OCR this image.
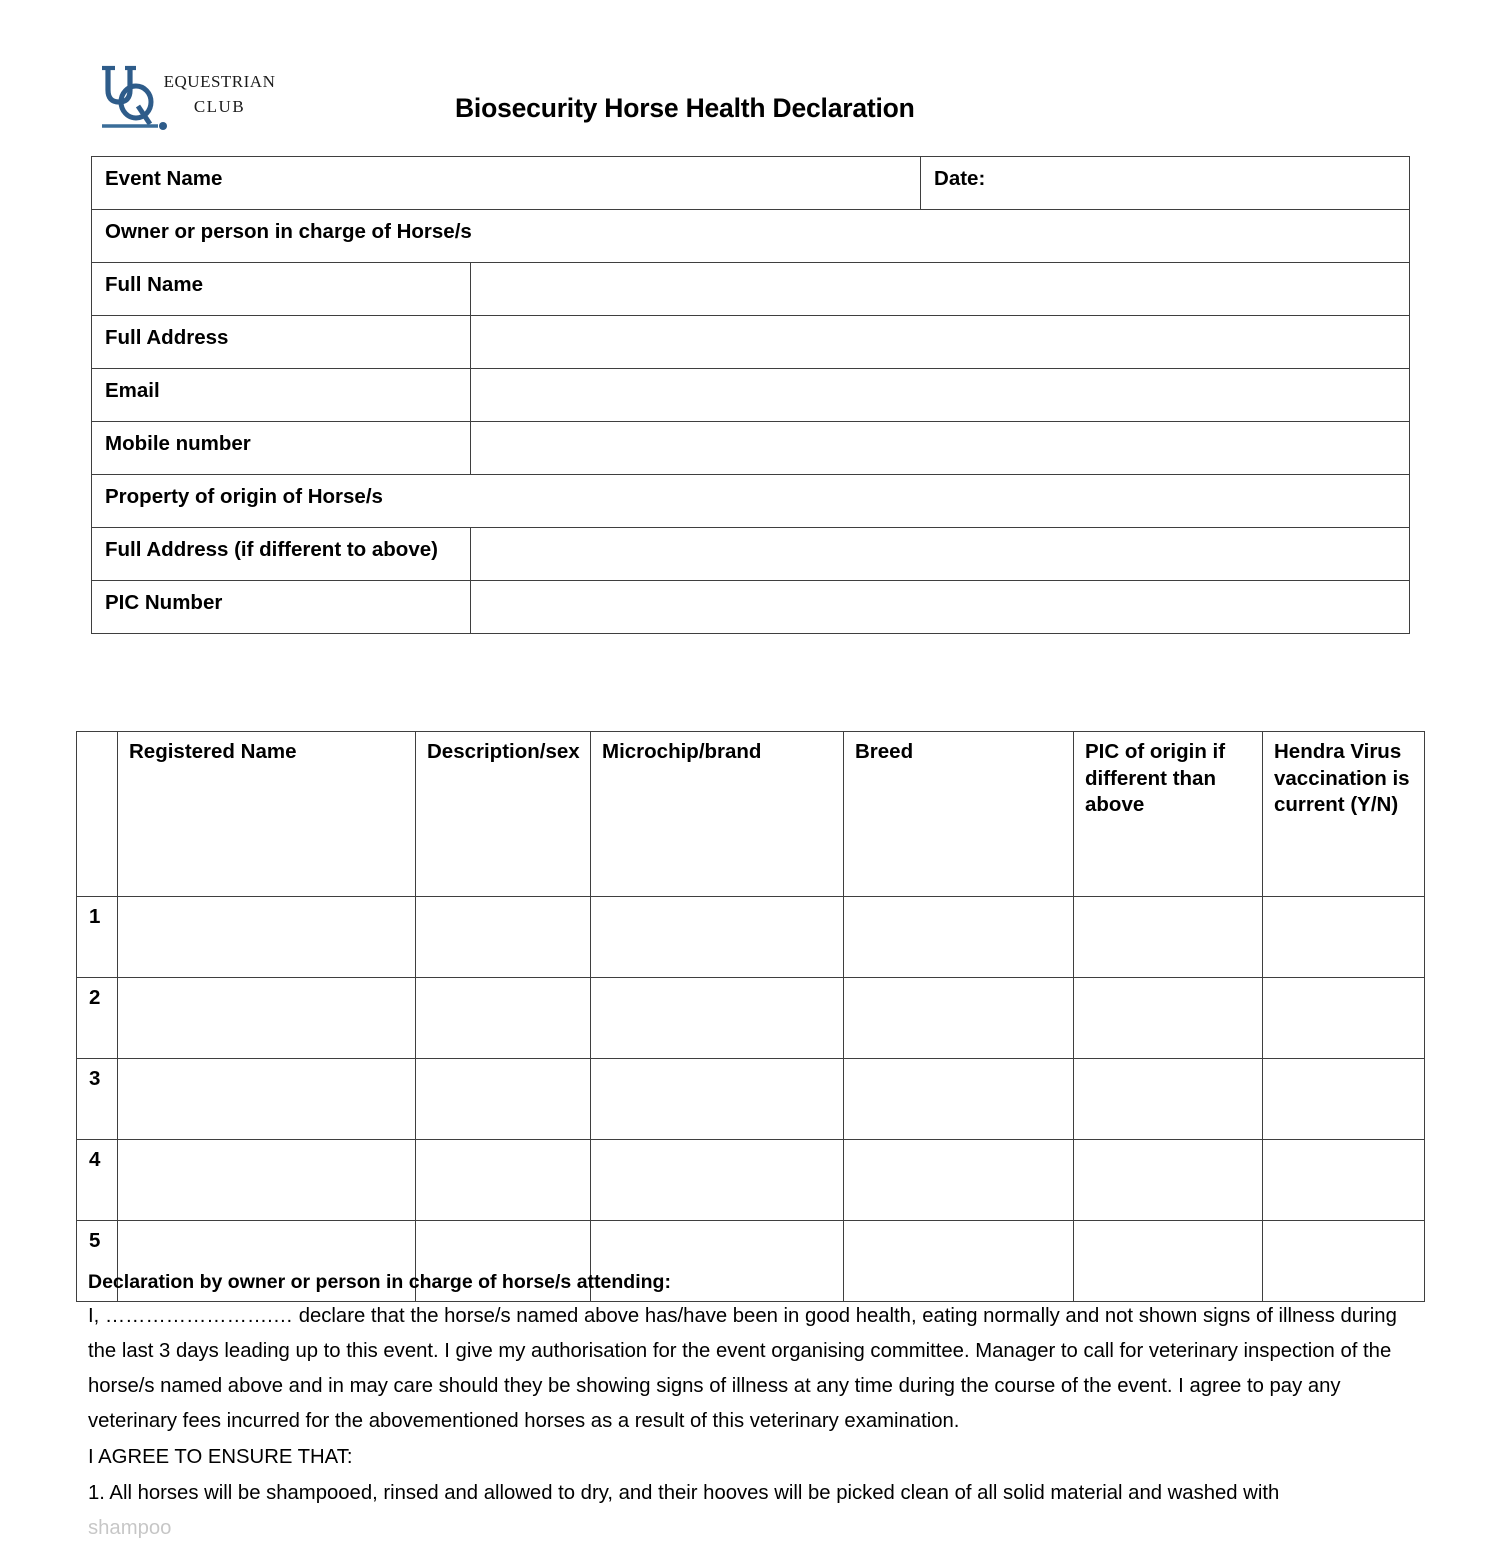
EQUESTRIAN
CLUB	Biosecurity Horse Health Declaration
Event Name		Date:
Owner or person in charge of Horse/s		
Full Name		
Full Address		
Email		
Mobile number		
Property of origin of Horse/s		
Full Address (if different to above)		
PIC Number		
	Registered Name	Description/sex	Microchip/brand	Breed	PIC of origin if different than above	Hendra Virus vaccination is current (Y/N)
1						
2						
3						
4						
5						

Declaration by owner or person in charge of horse/s attending:

I, …………………….… declare that the horse/s named above has/have been in good health, eating normally and not shown signs of illness during the last 3 days leading up to this event. I give my authorisation for the event organising committee. Manager to call for veterinary inspection of the horse/s named above and in may care should they be showing signs of illness at any time during the course of the event. I agree to pay any veterinary fees incurred for the abovementioned horses as a result of this veterinary examination.

I AGREE TO ENSURE THAT:

1. All horses will be shampooed, rinsed and allowed to dry, and their hooves will be picked clean of all solid material and washed with

shampoo
